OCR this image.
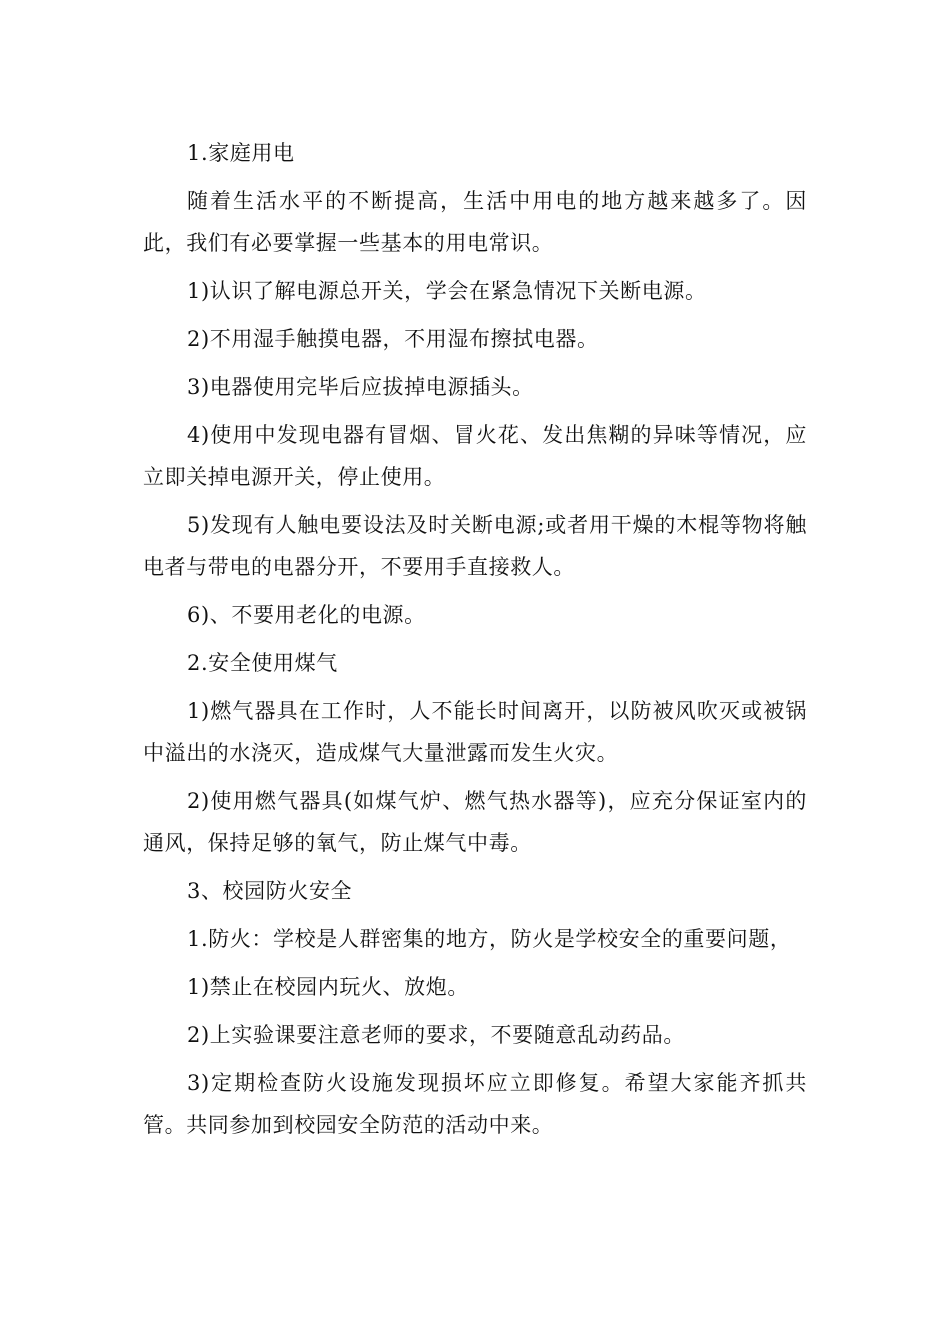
1.家庭用电

随着生活水平的不断提高，生活中用电的地方越来越多了。因此，我们有必要掌握一些基本的用电常识。

1)认识了解电源总开关，学会在紧急情况下关断电源。

2)不用湿手触摸电器，不用湿布擦拭电器。

3)电器使用完毕后应拔掉电源插头。

4)使用中发现电器有冒烟、冒火花、发出焦糊的异味等情况，应立即关掉电源开关，停止使用。

5)发现有人触电要设法及时关断电源;或者用干燥的木棍等物将触电者与带电的电器分开，不要用手直接救人。

6)、不要用老化的电源。

2.安全使用煤气

1)燃气器具在工作时，人不能长时间离开，以防被风吹灭或被锅中溢出的水浇灭，造成煤气大量泄露而发生火灾。

2)使用燃气器具(如煤气炉、燃气热水器等)，应充分保证室内的通风，保持足够的氧气，防止煤气中毒。

3、校园防火安全

1.防火：学校是人群密集的地方，防火是学校安全的重要问题，

1)禁止在校园内玩火、放炮。

2)上实验课要注意老师的要求，不要随意乱动药品。

3)定期检查防火设施发现损坏应立即修复。希望大家能齐抓共管。共同参加到校园安全防范的活动中来。
